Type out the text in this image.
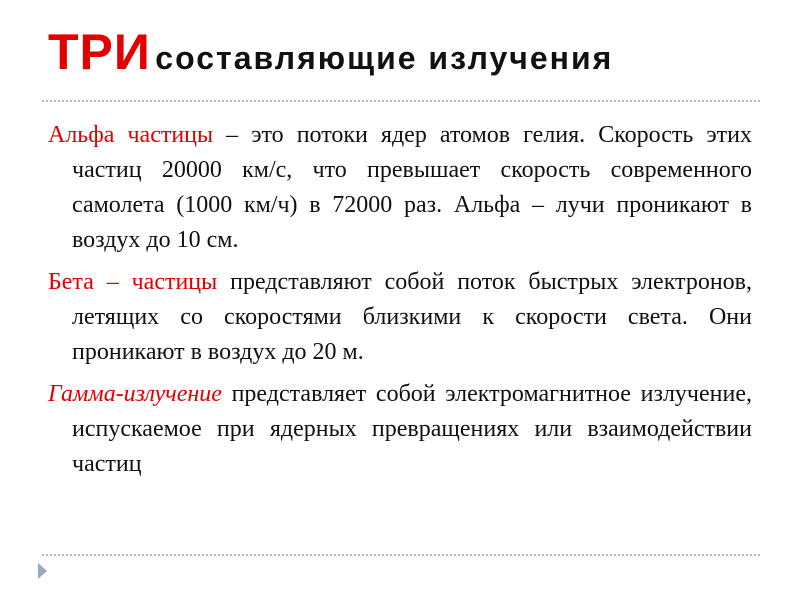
ТРИ составляющие излучения

Альфа частицы – это потоки ядер атомов гелия. Скорость этих частиц 20000 км/с, что превышает скорость современного самолета (1000 км/ч) в 72000 раз. Альфа – лучи проникают в воздух до 10 см.

Бета – частицы представляют собой поток быстрых электронов, летящих со скоростями близкими к скорости света. Они проникают в воздух до 20 м.

Гамма-излучение представляет собой электромагнитное излучение, испускаемое при ядерных превращениях или взаимодействии частиц
